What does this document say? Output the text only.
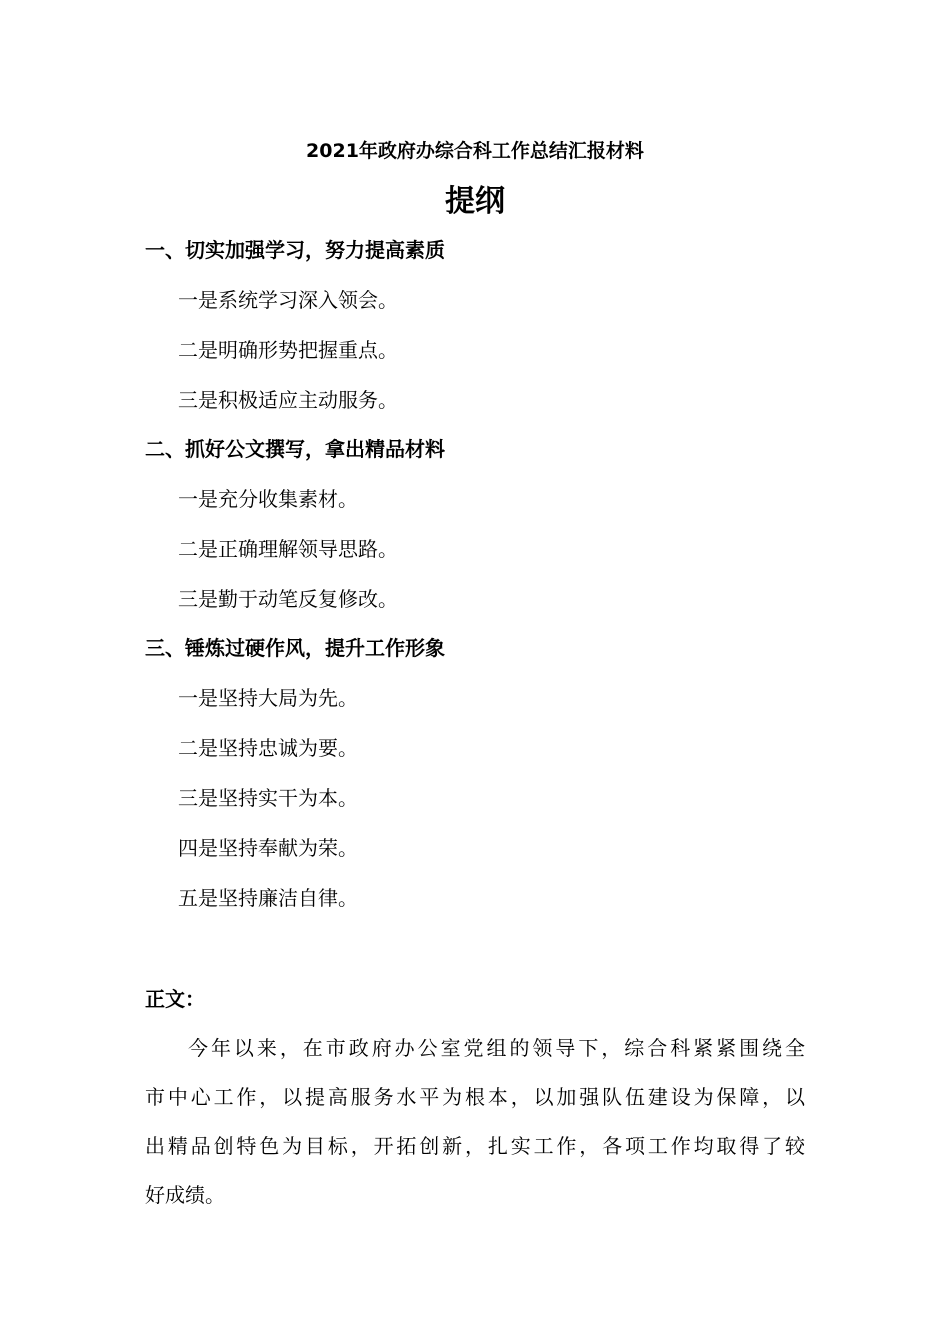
2021年政府办综合科工作总结汇报材料
提纲
一、切实加强学习，努力提高素质
一是系统学习深入领会。
二是明确形势把握重点。
三是积极适应主动服务。
二、抓好公文撰写，拿出精品材料
一是充分收集素材。
二是正确理解领导思路。
三是勤于动笔反复修改。
三、锤炼过硬作风，提升工作形象
一是坚持大局为先。
二是坚持忠诚为要。
三是坚持实干为本。
四是坚持奉献为荣。
五是坚持廉洁自律。
正文：
今年以来，在市政府办公室党组的领导下，综合科紧紧围绕全
市中心工作，以提高服务水平为根本，以加强队伍建设为保障，以
出精品创特色为目标，开拓创新，扎实工作，各项工作均取得了较
好成绩。
